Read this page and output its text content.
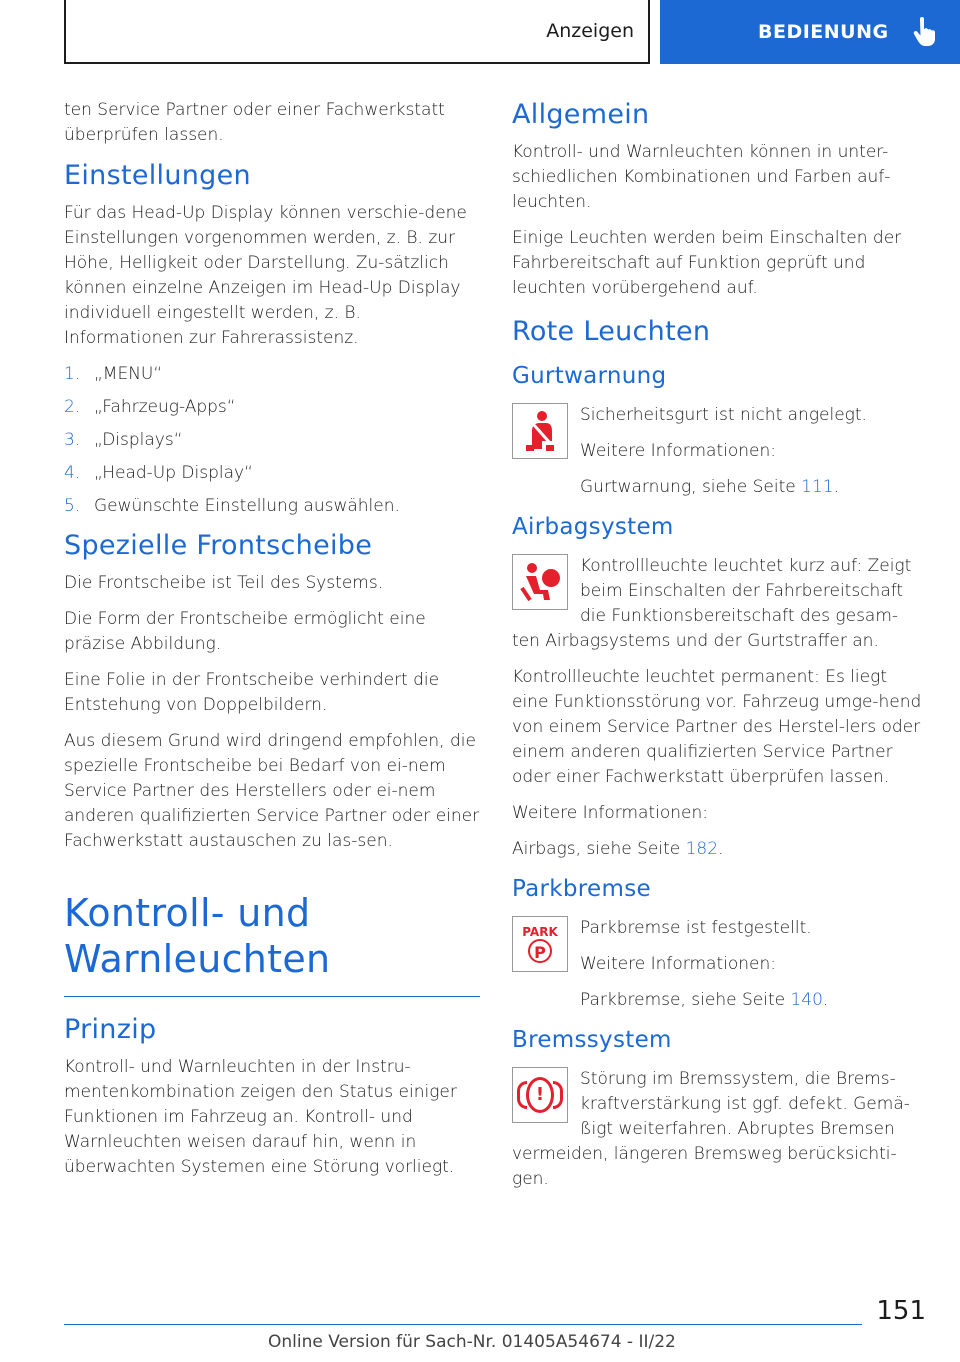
Anzeigen	BEDIENUNG

ten Service Partner oder einer Fachwerkstatt überprüfen lassen.

Einstellungen

Für das Head-Up Display können verschie-dene Einstellungen vorgenommen werden, z. B. zur Höhe, Helligkeit oder Darstellung. Zu-sätzlich können einzelne Anzeigen im Head-Up Display individuell eingestellt werden, z. B. Informationen zur Fahrerassistenz.

1. „MENU“
2. „Fahrzeug-Apps“
3. „Displays“
4. „Head-Up Display“
5. Gewünschte Einstellung auswählen.
Spezielle Frontscheibe

Die Frontscheibe ist Teil des Systems.

Die Form der Frontscheibe ermöglicht eine präzise Abbildung.

Eine Folie in der Frontscheibe verhindert die Entstehung von Doppelbildern.

Aus diesem Grund wird dringend empfohlen, die spezielle Frontscheibe bei Bedarf von ei-nem Service Partner des Herstellers oder ei-nem anderen qualifizierten Service Partner oder einer Fachwerkstatt austauschen zu las-sen.

Kontroll- und Warnleuchten
Prinzip

Kontroll- und Warnleuchten in der Instru-mentenkombination zeigen den Status einiger Funktionen im Fahrzeug an. Kontroll- und Warnleuchten weisen darauf hin, wenn in überwachten Systemen eine Störung vorliegt.

Allgemein

Kontroll- und Warnleuchten können in unter-schiedlichen Kombinationen und Farben auf-leuchten.

Einige Leuchten werden beim Einschalten der Fahrbereitschaft auf Funktion geprüft und leuchten vorübergehend auf.

Rote Leuchten
Gurtwarnung

Sicherheitsgurt ist nicht angelegt.

Weitere Informationen:

Gurtwarnung, siehe Seite 111.

Airbagsystem

Kontrollleuchte leuchtet kurz auf: Zeigt beim Einschalten der Fahrbereitschaft die Funktionsbereitschaft des gesam-ten Airbagsystems und der Gurtstraffer an.

Kontrollleuchte leuchtet permanent: Es liegt eine Funktionsstörung vor. Fahrzeug umge-hend von einem Service Partner des Herstel-lers oder einem anderen qualifizierten Service Partner oder einer Fachwerkstatt überprüfen lassen.

Weitere Informationen:

Airbags, siehe Seite 182.

Parkbremse
PARK
P

Parkbremse ist festgestellt.

Weitere Informationen:

Parkbremse, siehe Seite 140.

Bremssystem
!

Störung im Bremssystem, die Brems-kraftverstärkung ist ggf. defekt. Gemä-ßigt weiterfahren. Abruptes Bremsen vermeiden, längeren Bremsweg berücksichti-gen.

151
Online Version für Sach-Nr. 01405A54674 - II/22
